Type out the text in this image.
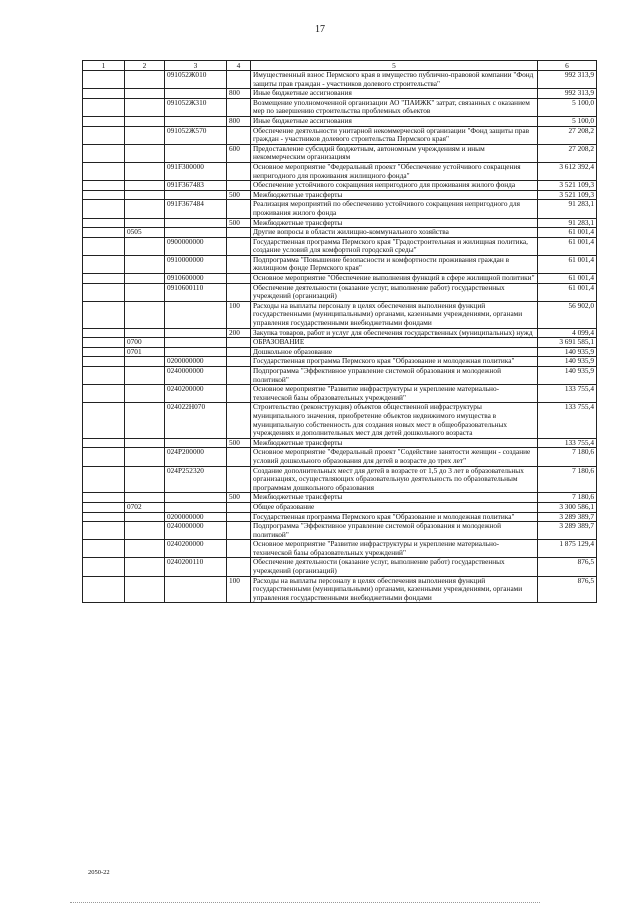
17
1	2	3	4	5	6
		091052Ж010		Имущественный взнос Пермского края в имущество публично-правовой компании "Фонд защиты прав граждан - участников долевого строительства"	992 313,9
			800	Иные бюджетные ассигнования	992 313,9
		091052Ж310		Возмещение уполномоченной организации АО "ПАИЖК" затрат, связанных с оказанием мер по завершению строительства проблемных объектов	5 100,0
			800	Иные бюджетные ассигнования	5 100,0
		091052Ж570		Обеспечение деятельности унитарной некоммерческой организации "Фонд защиты прав граждан - участников долевого строительства Пермского края"	27 208,2
			600	Предоставление субсидий бюджетным, автономным учреждениям и иным некоммерческим организациям	27 208,2
		091F300000		Основное мероприятие "Федеральный проект "Обеспечение устойчивого сокращения непригодного для проживания жилищного фонда"	3 612 392,4
		091F367483		Обеспечение устойчивого сокращения непригодного для проживания жилого фонда	3 521 109,3
			500	Межбюджетные трансферты	3 521 109,3
		091F367484		Реализация мероприятий по обеспечению устойчивого сокращения непригодного для проживания жилого фонда	91 283,1
			500	Межбюджетные трансферты	91 283,1
	0505			Другие вопросы в области жилищно-коммунального хозяйства	61 001,4
		0900000000		Государственная программа Пермского края "Градостроительная и жилищная политика, создание условий для комфортной городской среды"	61 001,4
		0910000000		Подпрограмма "Повышение безопасности и комфортности проживания граждан в жилищном фонде Пермского края"	61 001,4
		0910600000		Основное мероприятие "Обеспечение выполнения функций в сфере жилищной политики"	61 001,4
		0910600110		Обеспечение деятельности (оказание услуг, выполнение работ) государственных учреждений (организаций)	61 001,4
			100	Расходы на выплаты персоналу в целях обеспечения выполнения функций государственными (муниципальными) органами, казенными учреждениями, органами управления государственными внебюджетными фондами	56 902,0
			200	Закупка товаров, работ и услуг для обеспечения государственных (муниципальных) нужд	4 099,4
	0700			ОБРАЗОВАНИЕ	3 691 585,1
	0701			Дошкольное образование	140 935,9
		0200000000		Государственная программа Пермского края "Образование и молодежная политика"	140 935,9
		0240000000		Подпрограмма "Эффективное управление системой образования и молодежной политикой"	140 935,9
		0240200000		Основное мероприятие "Развитие инфраструктуры и укрепление материально-технической базы образовательных учреждений"	133 755,4
		024022Н070		Строительство (реконструкция) объектов общественной инфраструктуры муниципального значения, приобретение объектов недвижимого имущества в муниципальную собственность для создания новых мест в общеобразовательных учреждениях и дополнительных мест для детей дошкольного возраста	133 755,4
			500	Межбюджетные трансферты	133 755,4
		024P200000		Основное мероприятие "Федеральный проект "Содействие занятости женщин - создание условий дошкольного образования для детей в возрасте до трех лет"	7 180,6
		024P252320		Создание дополнительных мест для детей в возрасте от 1,5 до 3 лет в образовательных организациях, осуществляющих образовательную деятельность по образовательным программам дошкольного образования	7 180,6
			500	Межбюджетные трансферты	7 180,6
	0702			Общее образование	3 300 586,1
		0200000000		Государственная программа Пермского края "Образование и молодежная политика"	3 289 389,7
		0240000000		Подпрограмма "Эффективное управление системой образования и молодежной политикой"	3 289 389,7
		0240200000		Основное мероприятие "Развитие инфраструктуры и укрепление материально-технической базы образовательных учреждений"	1 875 129,4
		0240200110		Обеспечение деятельности (оказание услуг, выполнение работ) государственных учреждений (организаций)	876,5
			100	Расходы на выплаты персоналу в целях обеспечения выполнения функций государственными (муниципальными) органами, казенными учреждениями, органами управления государственными внебюджетными фондами	876,5
2050-22
